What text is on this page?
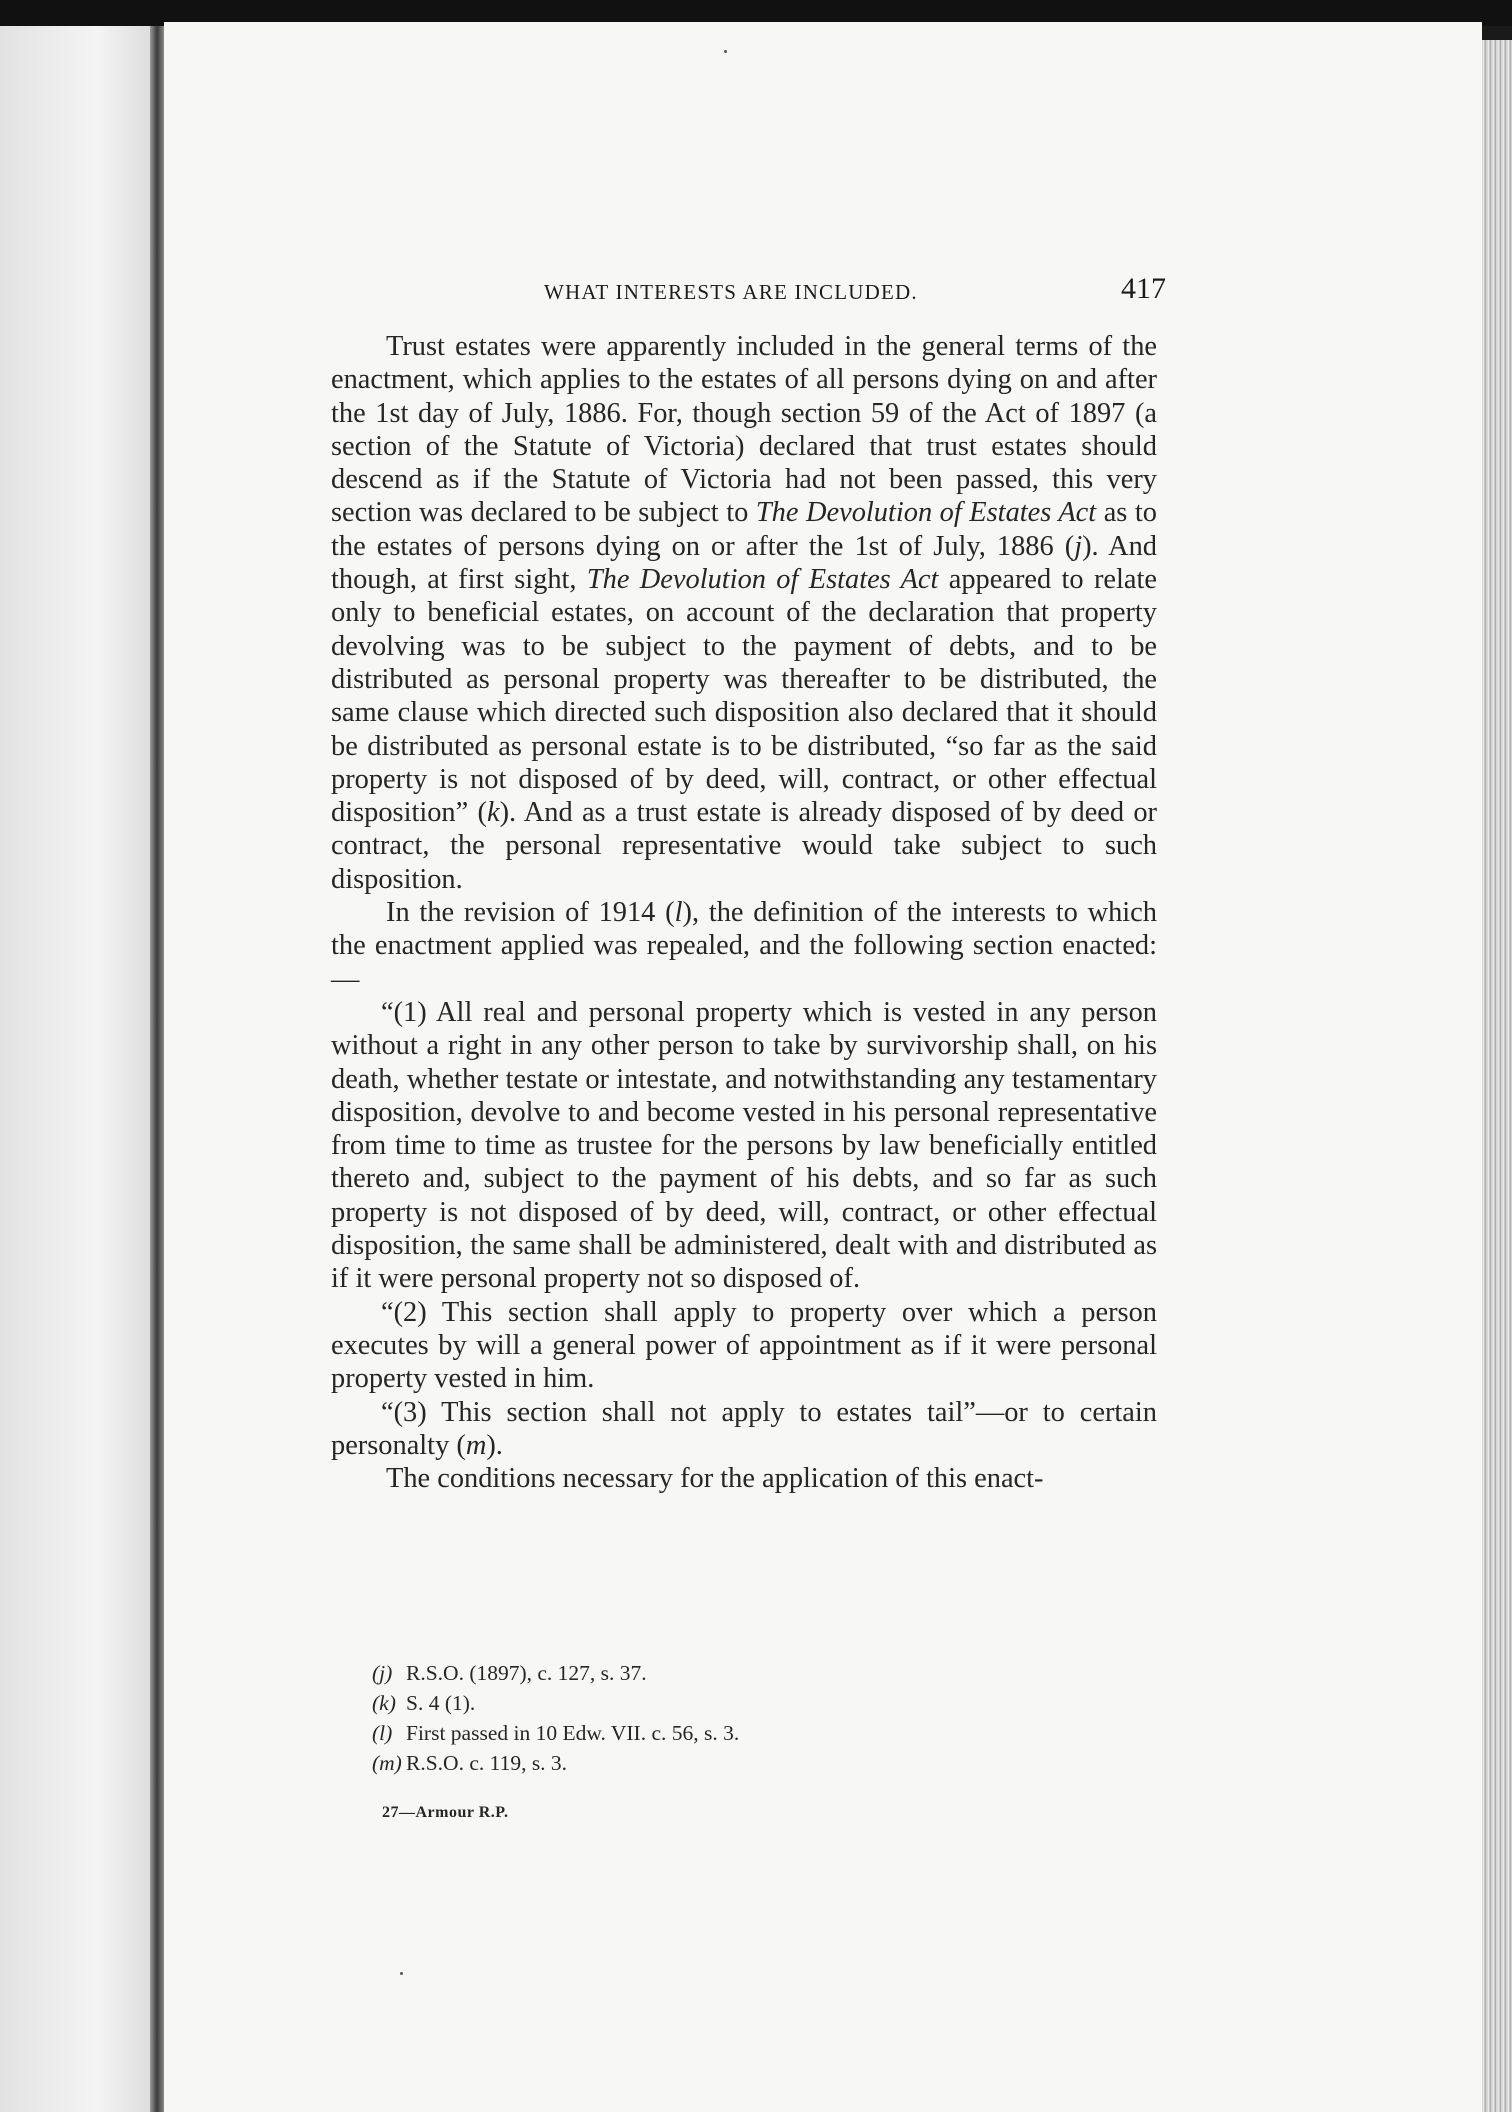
WHAT INTERESTS ARE INCLUDED.	417

Trust estates were apparently included in the general terms of the enactment, which applies to the estates of all persons dying on and after the 1st day of July, 1886. For, though section 59 of the Act of 1897 (a section of the Statute of Victoria) declared that trust estates should descend as if the Statute of Victoria had not been passed, this very section was declared to be subject to The Devolution of Estates Act as to the estates of persons dying on or after the 1st of July, 1886 (j). And though, at first sight, The Devolution of Estates Act appeared to relate only to beneficial estates, on account of the declaration that property devolving was to be subject to the payment of debts, and to be distributed as personal property was thereafter to be distributed, the same clause which directed such disposition also declared that it should be distributed as personal estate is to be distributed, “so far as the said property is not disposed of by deed, will, contract, or other effectual disposition” (k). And as a trust estate is already disposed of by deed or contract, the personal representative would take subject to such disposition.

In the revision of 1914 (l), the definition of the interests to which the enactment applied was repealed, and the following section enacted:—

“(1) All real and personal property which is vested in any person without a right in any other person to take by survivorship shall, on his death, whether testate or intestate, and notwithstanding any testamentary disposition, devolve to and become vested in his personal representative from time to time as trustee for the persons by law beneficially entitled thereto and, subject to the payment of his debts, and so far as such property is not disposed of by deed, will, contract, or other effectual disposition, the same shall be administered, dealt with and distributed as if it were personal property not so disposed of.

“(2) This section shall apply to property over which a person executes by will a general power of appointment as if it were personal property vested in him.

“(3) This section shall not apply to estates tail”—or to certain personalty (m).

The conditions necessary for the application of this enact-

(j) R.S.O. (1897), c. 127, s. 37.
(k) S. 4 (1).
(l) First passed in 10 Edw. VII. c. 56, s. 3.
(m) R.S.O. c. 119, s. 3.
27—Armour R.P.
